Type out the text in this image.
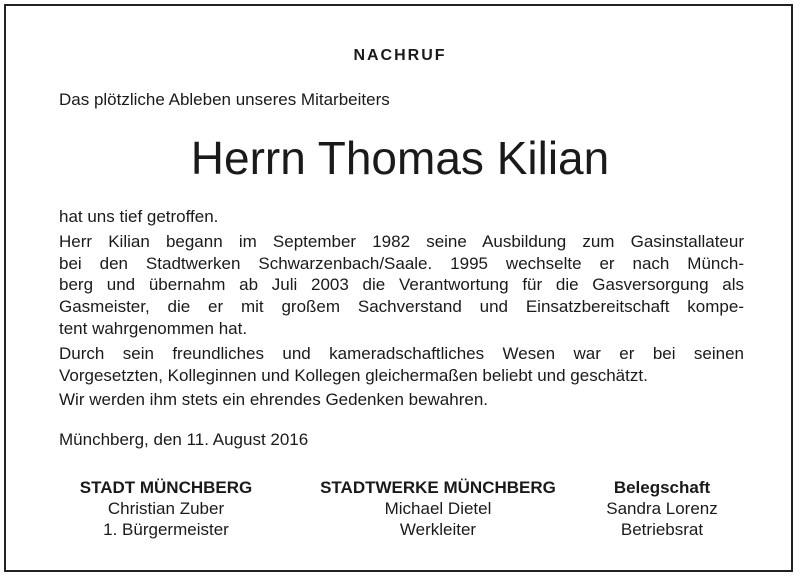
NACHRUF
Das plötzliche Ableben unseres Mitarbeiters
Herrn Thomas Kilian

hat uns tief getroffen.

Herr Kilian begann im September 1982 seine Ausbildung zum Gasinstallateur
bei den Stadtwerken Schwarzenbach/Saale. 1995 wechselte er nach Münch-
berg und übernahm ab Juli 2003 die Verantwortung für die Gasversorgung als
Gasmeister, die er mit großem Sachverstand und Einsatzbereitschaft kompe-
tent wahrgenommen hat.

Durch sein freundliches und kameradschaftliches Wesen war er bei seinen
Vorgesetzten, Kolleginnen und Kollegen gleichermaßen beliebt und geschätzt.

Wir werden ihm stets ein ehrendes Gedenken bewahren.

Münchberg, den 11. August 2016
STADT MÜNCHBERG
Christian Zuber
1. Bürgermeister
STADTWERKE MÜNCHBERG
Michael Dietel
Werkleiter
Belegschaft
Sandra Lorenz
Betriebsrat
